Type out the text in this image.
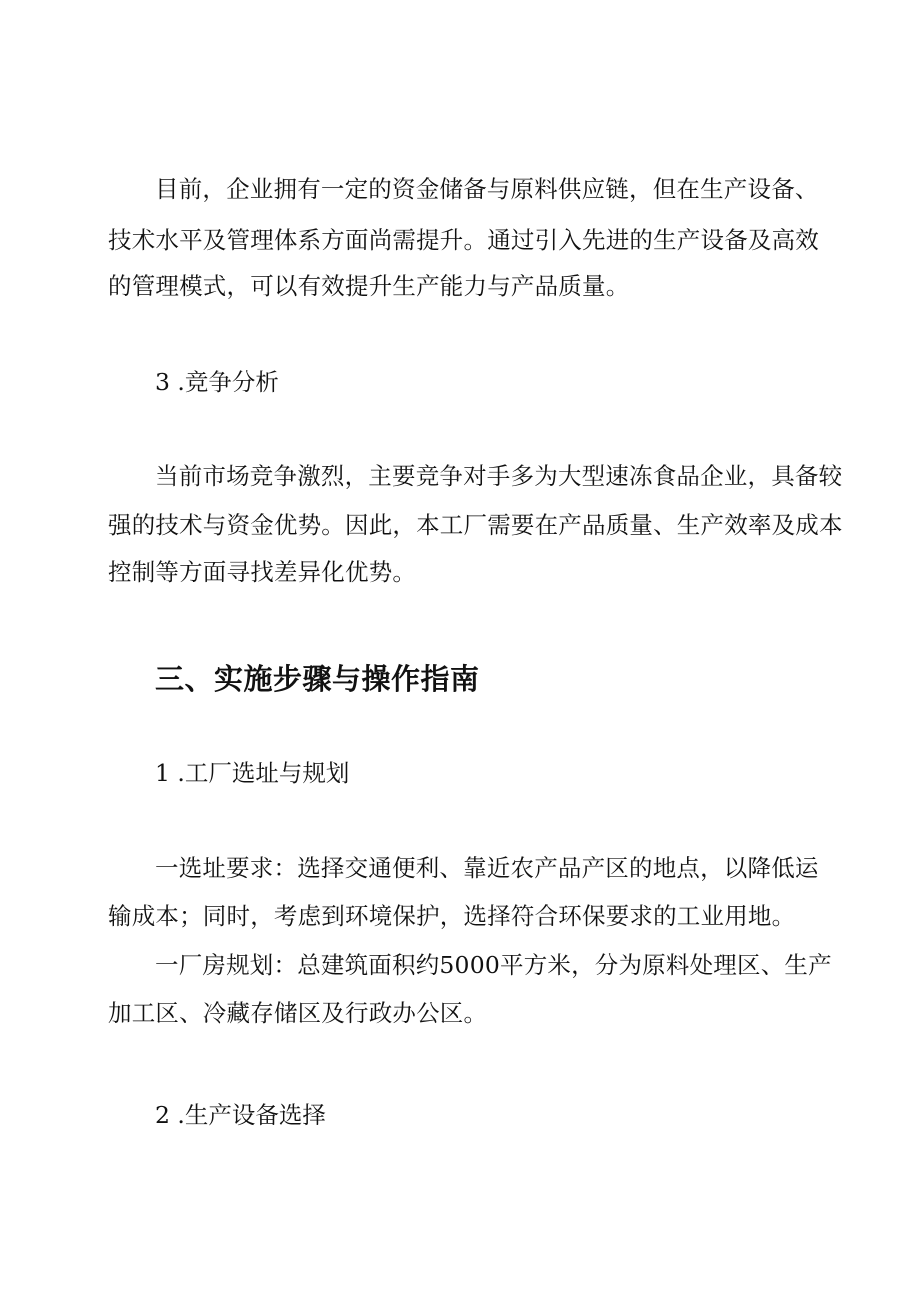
目前，企业拥有一定的资金储备与原料供应链，但在生产设备、
技术水平及管理体系方面尚需提升。通过引入先进的生产设备及高效
的管理模式，可以有效提升生产能力与产品质量。
3 .竞争分析
当前市场竞争激烈，主要竞争对手多为大型速冻食品企业，具备较
强的技术与资金优势。因此，本工厂需要在产品质量、生产效率及成本
控制等方面寻找差异化优势。
三、实施步骤与操作指南
1 .工厂选址与规划
一选址要求：选择交通便利、靠近农产品产区的地点，以降低运
输成本；同时，考虑到环境保护，选择符合环保要求的工业用地。
一厂房规划：总建筑面积约5000平方米，分为原料处理区、生产
加工区、冷藏存储区及行政办公区。
2 .生产设备选择
